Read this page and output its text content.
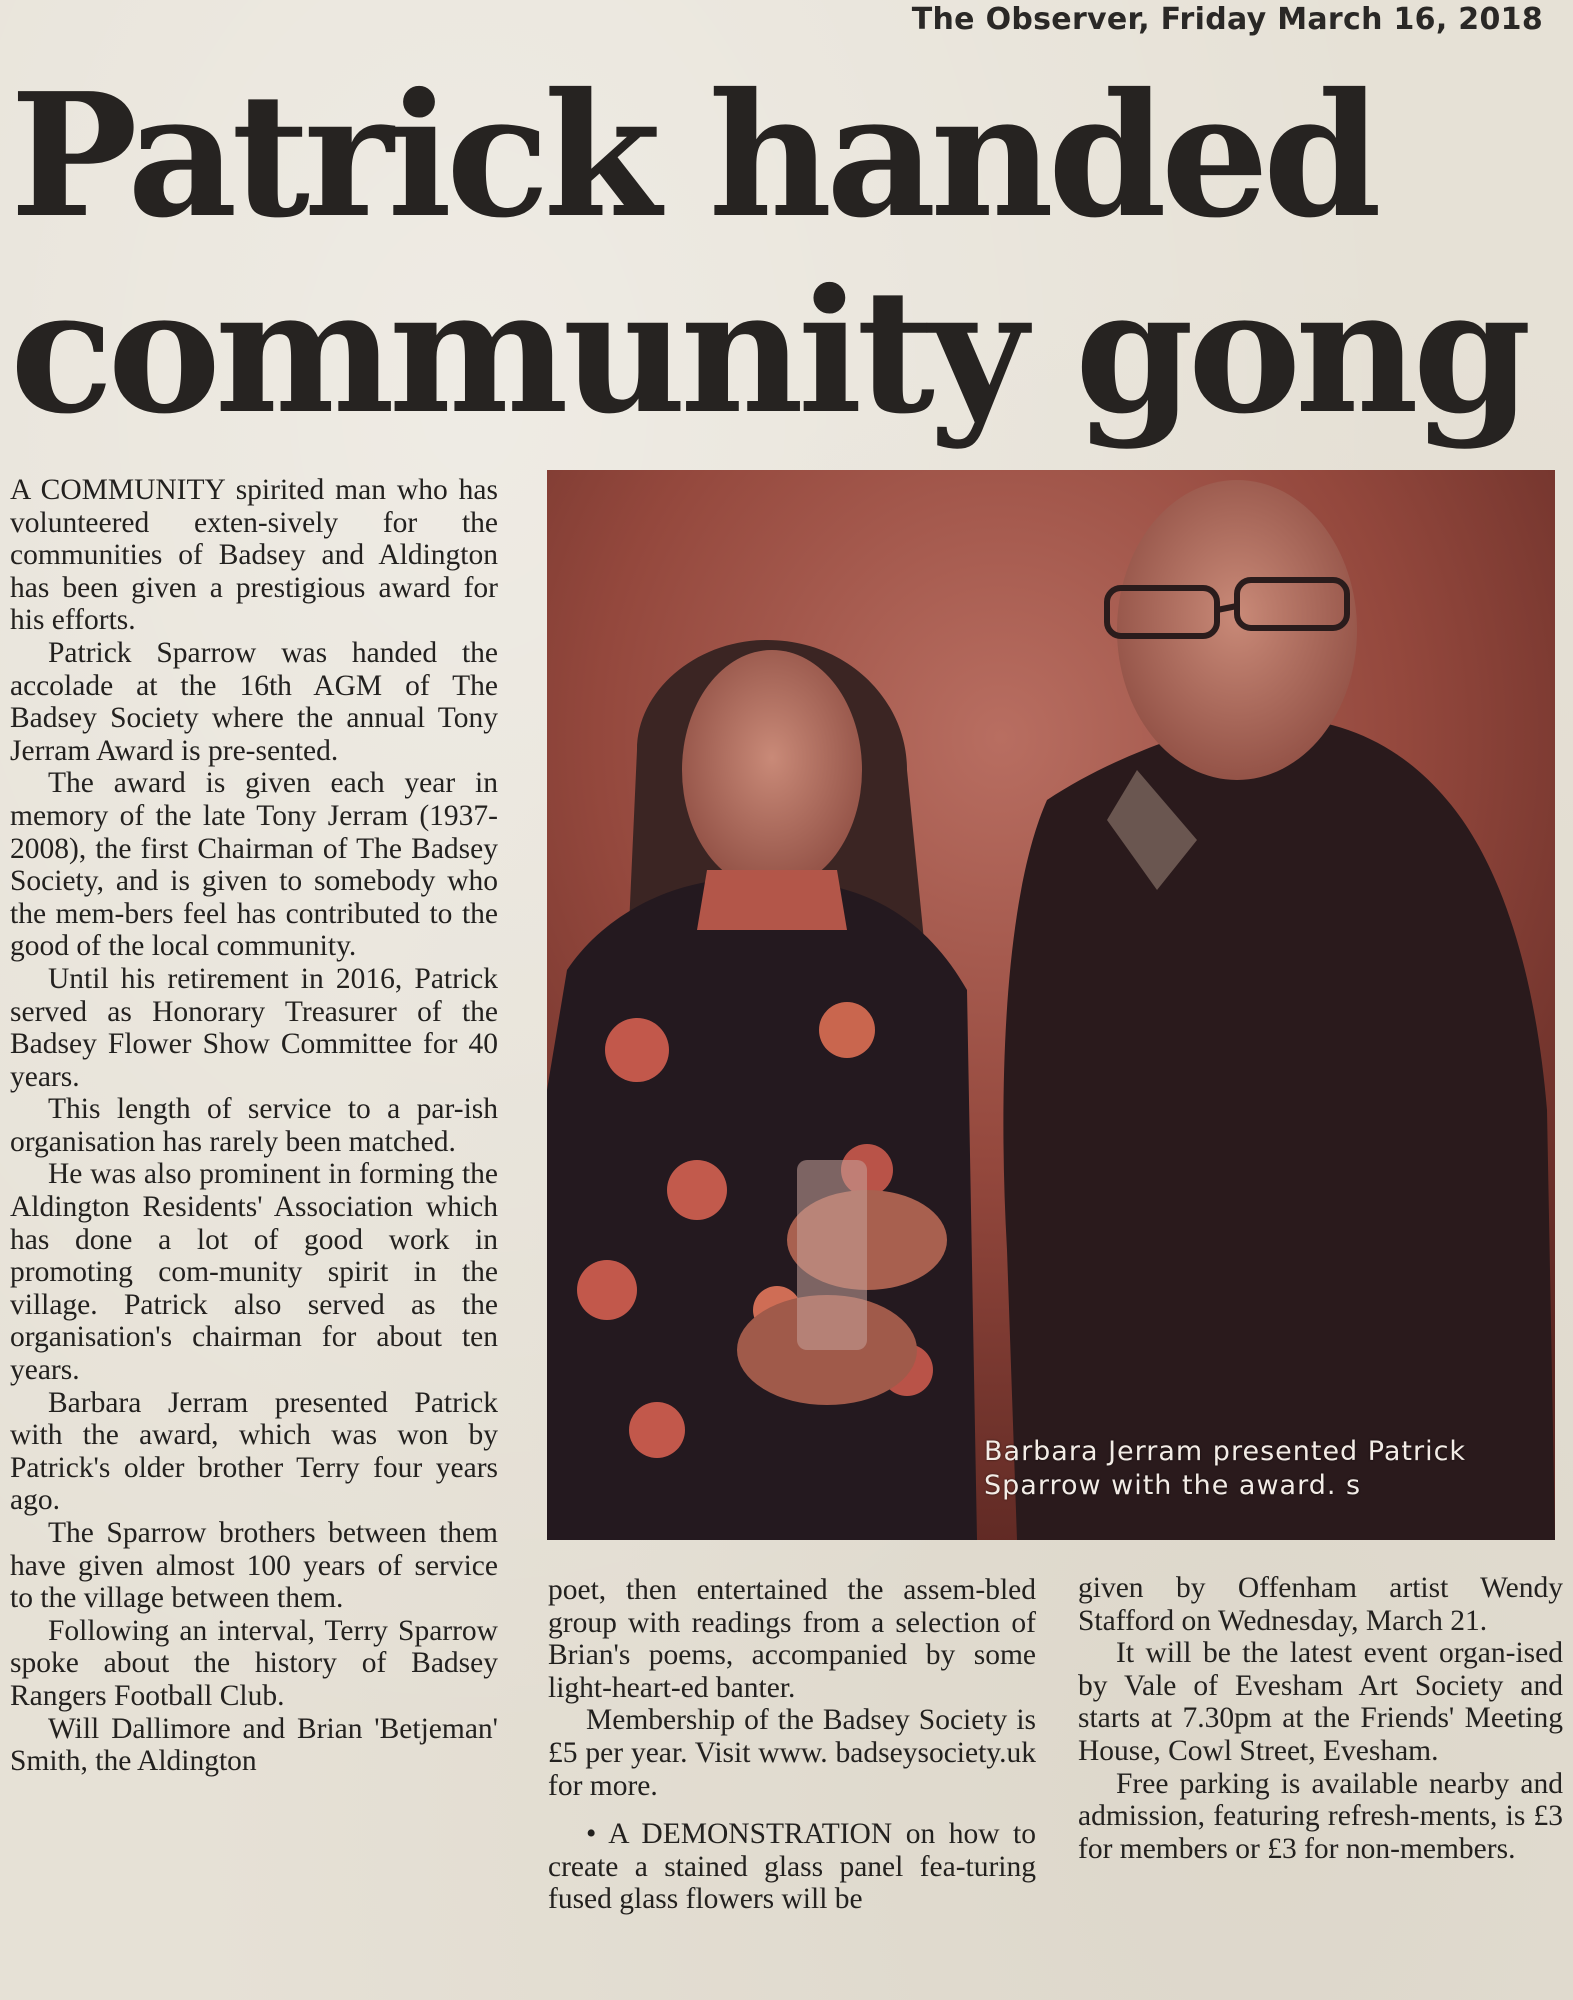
The Observer, Friday March 16, 2018
Patrick handed
community gong

A COMMUNITY spirited man who has volunteered exten-sively for the communities of Badsey and Aldington has been given a prestigious award for his efforts.

Patrick Sparrow was handed the accolade at the 16th AGM of The Badsey Society where the annual Tony Jerram Award is pre-sented.

The award is given each year in memory of the late Tony Jerram (1937-2008), the first Chairman of The Badsey Society, and is given to somebody who the mem-bers feel has contributed to the good of the local community.

Until his retirement in 2016, Patrick served as Honorary Treasurer of the Badsey Flower Show Committee for 40 years.

This length of service to a par-ish organisation has rarely been matched.

He was also prominent in forming the Aldington Residents' Association which has done a lot of good work in promoting com-munity spirit in the village. Patrick also served as the organisation's chairman for about ten years.

Barbara Jerram presented Patrick with the award, which was won by Patrick's older brother Terry four years ago.

The Sparrow brothers between them have given almost 100 years of service to the village between them.

Following an interval, Terry Sparrow spoke about the history of Badsey Rangers Football Club.

Will Dallimore and Brian 'Betjeman' Smith, the Aldington

Barbara Jerram presented Patrick
Sparrow with the award. s

poet, then entertained the assem-bled group with readings from a selection of Brian's poems, accompanied by some light-heart-ed banter.

Membership of the Badsey Society is £5 per year. Visit www. badseysociety.uk for more.

• A DEMONSTRATION on how to create a stained glass panel fea-turing fused glass flowers will be

given by Offenham artist Wendy Stafford on Wednesday, March 21.

It will be the latest event organ-ised by Vale of Evesham Art Society and starts at 7.30pm at the Friends' Meeting House, Cowl Street, Evesham.

Free parking is available nearby and admission, featuring refresh-ments, is £3 for members or £3 for non-members.
